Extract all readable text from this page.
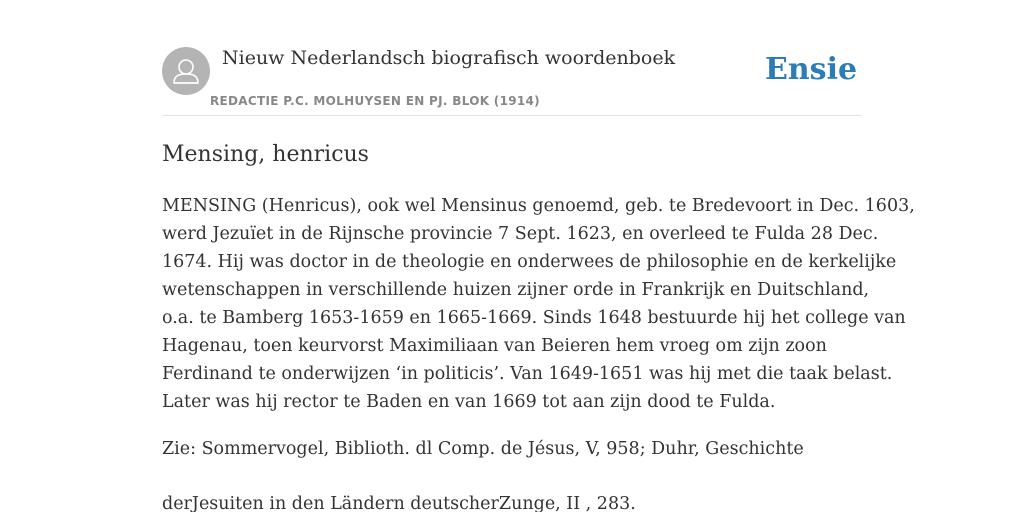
Nieuw Nederlandsch biografisch woordenboek
REDACTIE P.C. MOLHUYSEN EN PJ. BLOK (1914)
Ensie
Mensing, henricus
MENSING (Henricus), ook wel Mensinus genoemd, geb. te Bredevoort in Dec. 1603,
werd Jezuïet in de Rijnsche provincie 7 Sept. 1623, en overleed te Fulda 28 Dec.
1674. Hij was doctor in de theologie en onderwees de philosophie en de kerkelijke
wetenschappen in verschillende huizen zijner orde in Frankrijk en Duitschland,
o.a. te Bamberg 1653-1659 en 1665-1669. Sinds 1648 bestuurde hij het college van
Hagenau, toen keurvorst Maximiliaan van Beieren hem vroeg om zijn zoon
Ferdinand te onderwijzen ‘in politicis’. Van 1649-1651 was hij met die taak belast.
Later was hij rector te Baden en van 1669 tot aan zijn dood te Fulda.
Zie: Sommervogel, Biblioth. dl Comp. de Jésus, V, 958; Duhr, Geschichte
derJesuiten in den Ländern deutscherZunge, II , 283.
